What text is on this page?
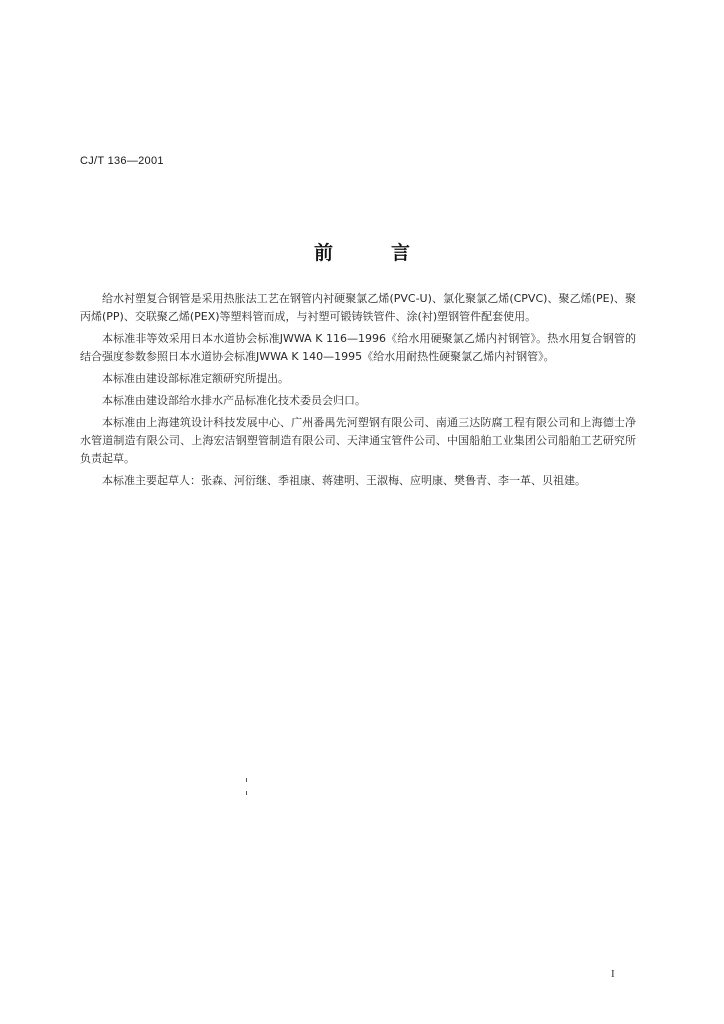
CJ/T 136—2001
前	言

给水衬塑复合钢管是采用热胀法工艺在钢管内衬硬聚氯乙烯(PVC-U)、氯化聚氯乙烯(CPVC)、聚乙烯(PE)、聚丙烯(PP)、交联聚乙烯(PEX)等塑料管而成，与衬塑可锻铸铁管件、涂(衬)塑钢管件配套使用。

本标准非等效采用日本水道协会标准JWWA K 116—1996《给水用硬聚氯乙烯内衬钢管》。热水用复合钢管的结合强度参数参照日本水道协会标准JWWA K 140—1995《给水用耐热性硬聚氯乙烯内衬钢管》。

本标准由建设部标准定额研究所提出。

本标准由建设部给水排水产品标准化技术委员会归口。

本标准由上海建筑设计科技发展中心、广州番禺先河塑钢有限公司、南通三达防腐工程有限公司和上海德士净水管道制造有限公司、上海宏洁钢塑管制造有限公司、天津通宝管件公司、中国船舶工业集团公司船舶工艺研究所负责起草。

本标准主要起草人：张森、河衍继、季祖康、蒋建明、王淑梅、应明康、樊鲁青、李一革、贝祖建。

I
